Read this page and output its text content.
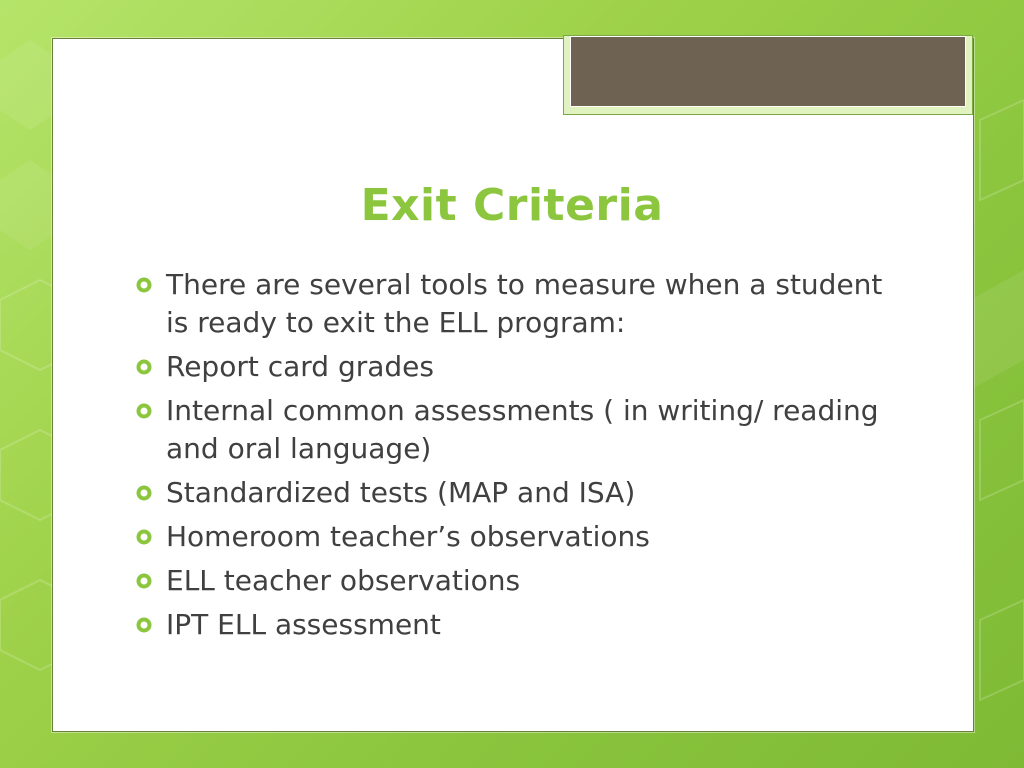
Exit Criteria
There are several tools to measure when a student is ready to exit the ELL program:
Report card grades
Internal common assessments ( in writing/ reading and oral language)
Standardized tests (MAP and ISA)
Homeroom teacher’s observations
ELL teacher observations
IPT ELL assessment
